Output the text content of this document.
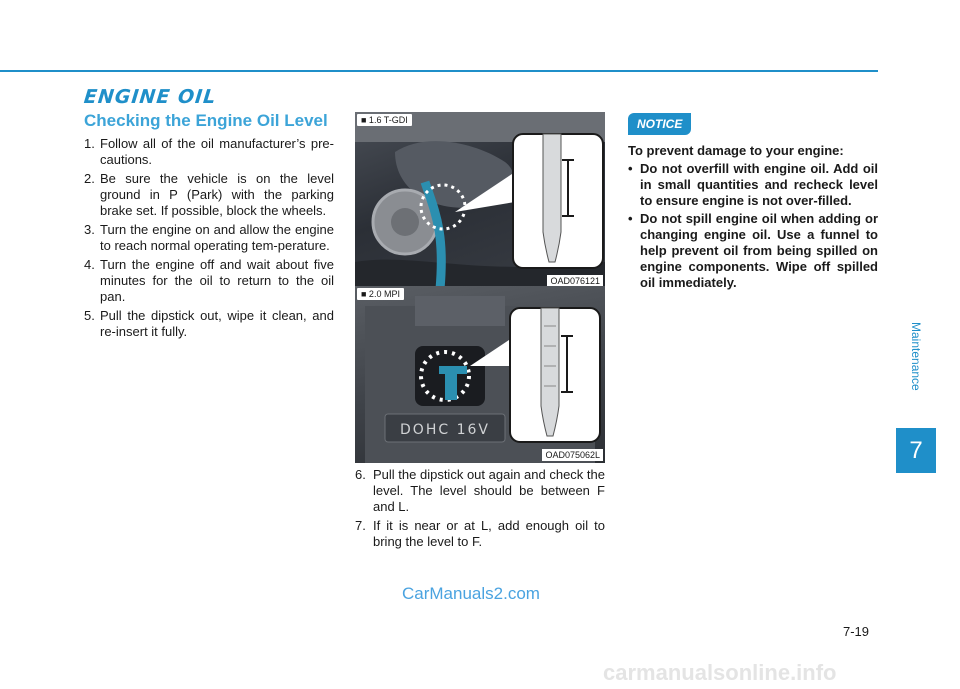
ENGINE OIL
Checking the Engine Oil Level
1. Follow all of the oil manufacturer’s pre-cautions.
2. Be sure the vehicle is on the level ground in P (Park) with the parking brake set. If possible, block the wheels.
3. Turn the engine on and allow the engine to reach normal operating tem-perature.
4. Turn the engine off and wait about five minutes for the oil to return to the oil pan.
5. Pull the dipstick out, wipe it clean, and re-insert it fully.
■ 1.6 T-GDI
OAD076121
DOHC 16V
■ 2.0 MPI
OAD075062L
6. Pull the dipstick out again and check the level. The level should be between F and L.
7. If it is near or at L, add enough oil to bring the level to F.
NOTICE
To prevent damage to your engine:
• Do not overfill with engine oil. Add oil in small quantities and recheck level to ensure engine is not over-filled.
• Do not spill engine oil when adding or changing engine oil. Use a funnel to help prevent oil from being spilled on engine components. Wipe off spilled oil immediately.
Maintenance
7
7-19
CarManuals2.com
carmanualsonline.info
